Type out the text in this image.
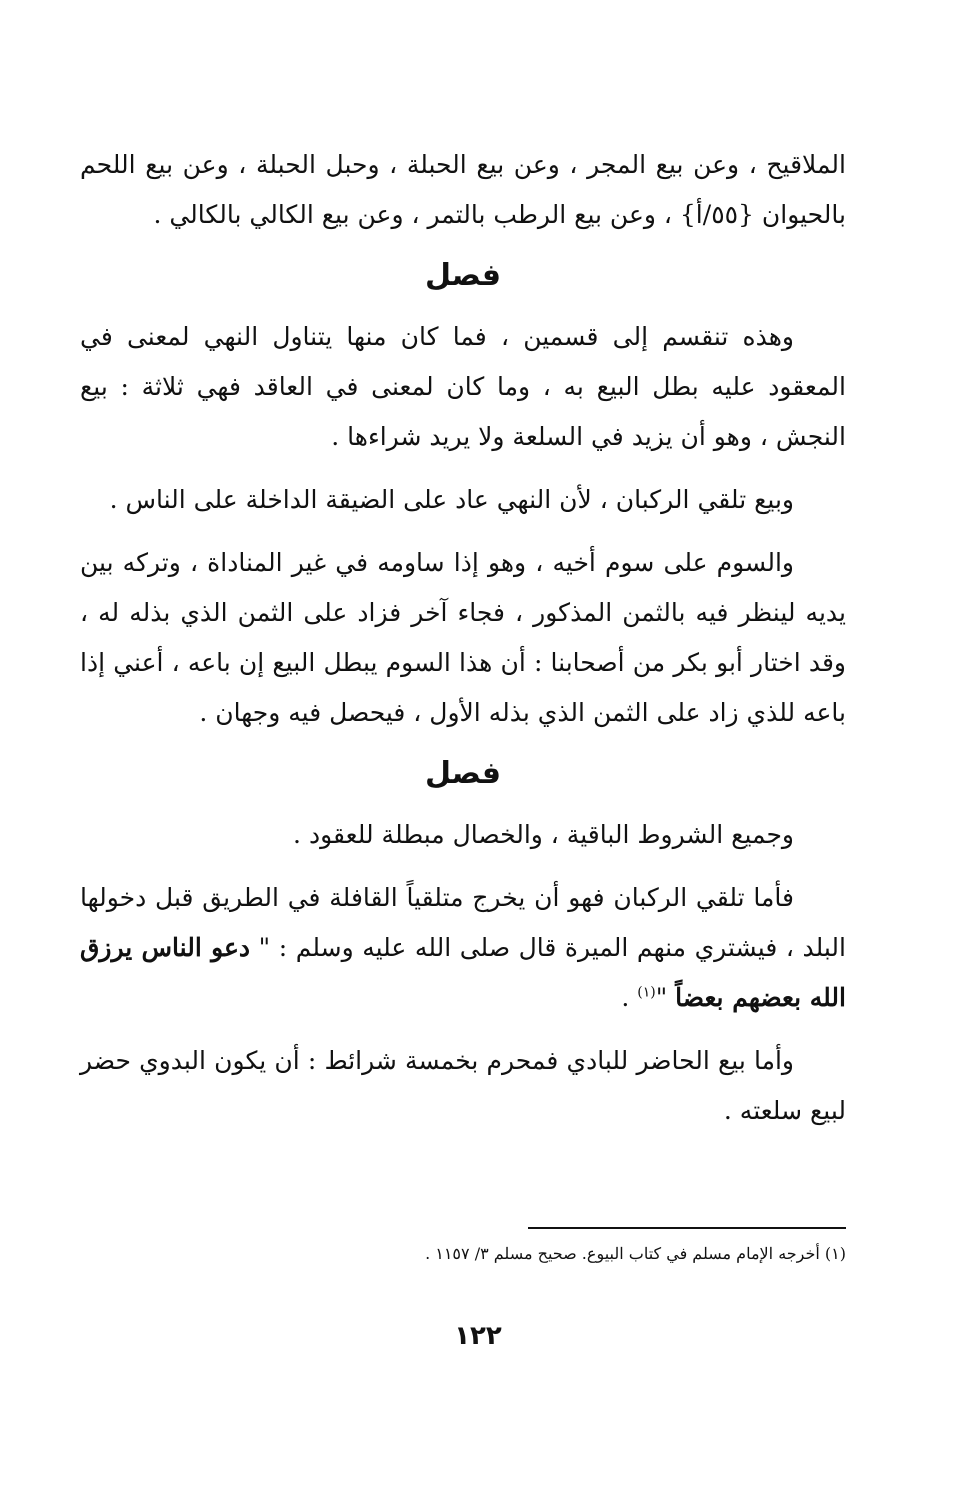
الملاقيح ، وعن بيع المجر ، وعن بيع الحبلة ، وحبل الحبلة ، وعن بيع اللحم بالحيوان {٥٥/أ} ، وعن بيع الرطب بالتمر ، وعن بيع الكالي بالكالي .

فصل

وهذه تنقسم إلى قسمين ، فما كان منها يتناول النهي لمعنى في المعقود عليه بطل البيع به ، وما كان لمعنى في العاقد فهي ثلاثة : بيع النجش ، وهو أن يزيد في السلعة ولا يريد شراءها .

وبيع تلقي الركبان ، لأن النهي عاد على الضيقة الداخلة على الناس .

والسوم على سوم أخيه ، وهو إذا ساومه في غير المناداة ، وتركه بين يديه لينظر فيه بالثمن المذكور ، فجاء آخر فزاد على الثمن الذي بذله له ، وقد اختار أبو بكر من أصحابنا : أن هذا السوم يبطل البيع إن باعه ، أعني إذا باعه للذي زاد على الثمن الذي بذله الأول ، فيحصل فيه وجهان .

فصل

وجميع الشروط الباقية ، والخصال مبطلة للعقود .

فأما تلقي الركبان فهو أن يخرج متلقياً القافلة في الطريق قبل دخولها البلد ، فيشتري منهم الميرة قال صلى الله عليه وسلم : " دعو الناس يرزق الله بعضهم بعضاً "$^{(١)}$ .

وأما بيع الحاضر للبادي فمحرم بخمسة شرائط : أن يكون البدوي حضر لبيع سلعته .

(١) أخرجه الإمام مسلم في كتاب البيوع. صحيح مسلم ٣/ ١١٥٧ .
١٢٢
